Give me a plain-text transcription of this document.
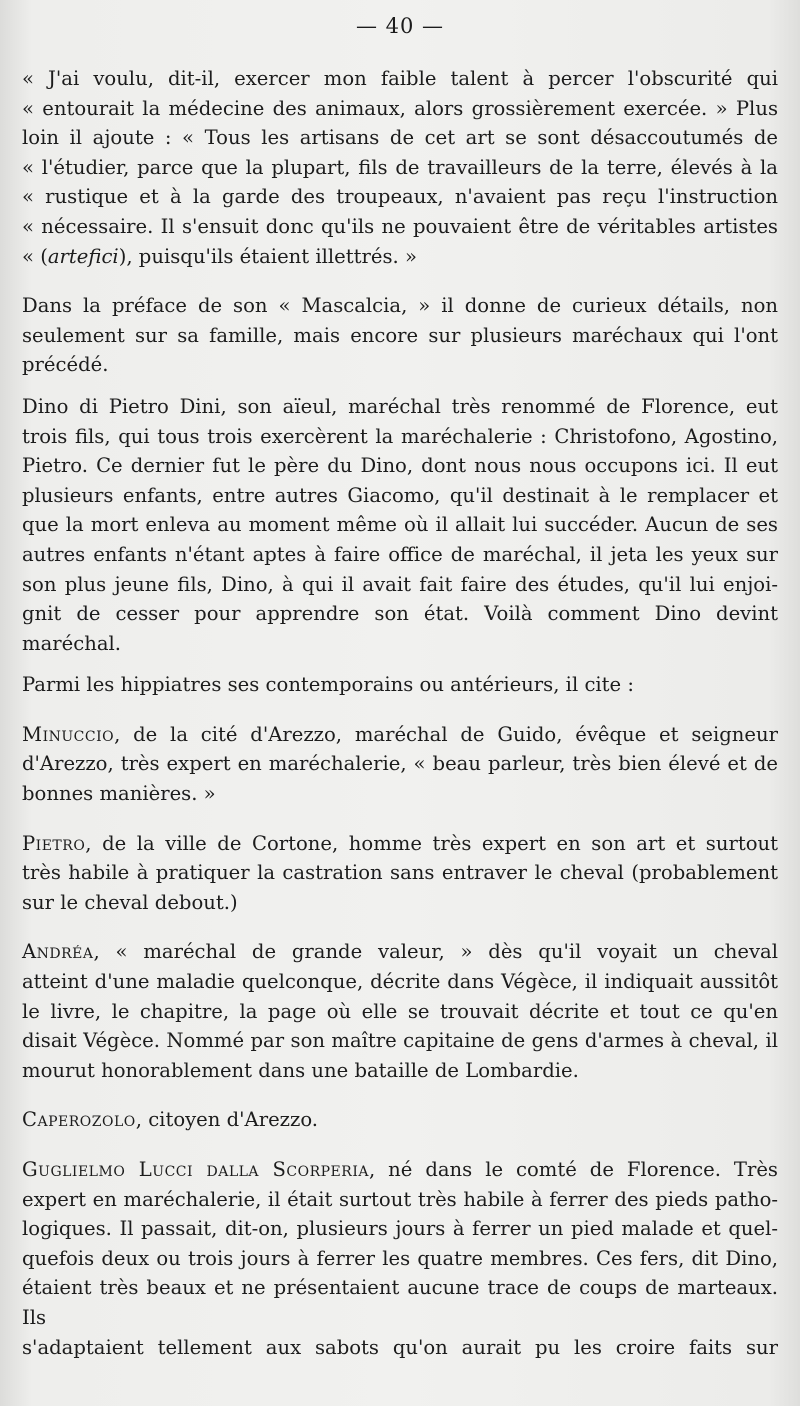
— 40 —

« J'ai voulu, dit-il, exercer mon faible talent à percer l'obscurité qui
« entourait la médecine des animaux, alors grossièrement exercée. » Plus
loin il ajoute : « Tous les artisans de cet art se sont désaccoutumés de
« l'étudier, parce que la plupart, fils de travailleurs de la terre, élevés à la
« rustique et à la garde des troupeaux, n'avaient pas reçu l'instruction
« nécessaire. Il s'ensuit donc qu'ils ne pouvaient être de véritables artistes
« (artefici), puisqu'ils étaient illettrés. »

Dans la préface de son « Mascalcia, » il donne de curieux détails, non
seulement sur sa famille, mais encore sur plusieurs maréchaux qui l'ont
précédé.

Dino di Pietro Dini, son aïeul, maréchal très renommé de Florence, eut
trois fils, qui tous trois exercèrent la maréchalerie : Christofono, Agostino,
Pietro. Ce dernier fut le père du Dino, dont nous nous occupons ici. Il eut
plusieurs enfants, entre autres Giacomo, qu'il destinait à le remplacer et
que la mort enleva au moment même où il allait lui succéder. Aucun de ses
autres enfants n'étant aptes à faire office de maréchal, il jeta les yeux sur
son plus jeune fils, Dino, à qui il avait fait faire des études, qu'il lui enjoi-
gnit de cesser pour apprendre son état. Voilà comment Dino devint
maréchal.

Parmi les hippiatres ses contemporains ou antérieurs, il cite :

Minuccio, de la cité d'Arezzo, maréchal de Guido, évêque et seigneur
d'Arezzo, très expert en maréchalerie, « beau parleur, très bien élevé et de
bonnes manières. »

Pietro, de la ville de Cortone, homme très expert en son art et surtout
très habile à pratiquer la castration sans entraver le cheval (probablement
sur le cheval debout.)

Andréa, « maréchal de grande valeur, » dès qu'il voyait un cheval
atteint d'une maladie quelconque, décrite dans Végèce, il indiquait aussitôt
le livre, le chapitre, la page où elle se trouvait décrite et tout ce qu'en
disait Végèce. Nommé par son maître capitaine de gens d'armes à cheval, il
mourut honorablement dans une bataille de Lombardie.

Caperozolo, citoyen d'Arezzo.

Guglielmo Lucci dalla Scorperia, né dans le comté de Florence. Très
expert en maréchalerie, il était surtout très habile à ferrer des pieds patho-
logiques. Il passait, dit-on, plusieurs jours à ferrer un pied malade et quel-
quefois deux ou trois jours à ferrer les quatre membres. Ces fers, dit Dino,
étaient très beaux et ne présentaient aucune trace de coups de marteaux. Ils
s'adaptaient tellement aux sabots qu'on aurait pu les croire faits sur
